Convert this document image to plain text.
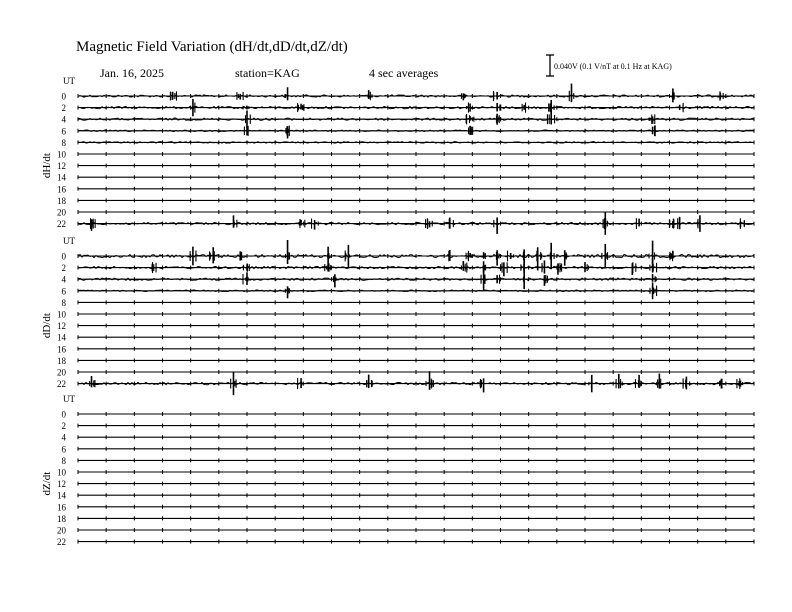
Magnetic Field Variation (dH/dt,dD/dt,dZ/dt)
Jan. 16, 2025	station=KAG	4 sec averages	0.040V (0.1 V/nT at 0.1 Hz at KAG)
UT
dH/dt
0
2
4
6
8
10
12
14
16
18
20
22
UT
dD/dt
0
2
4
6
8
10
12
14
16
18
20
22
UT
dZ/dt
0
2
4
6
8
10
12
14
16
18
20
22
